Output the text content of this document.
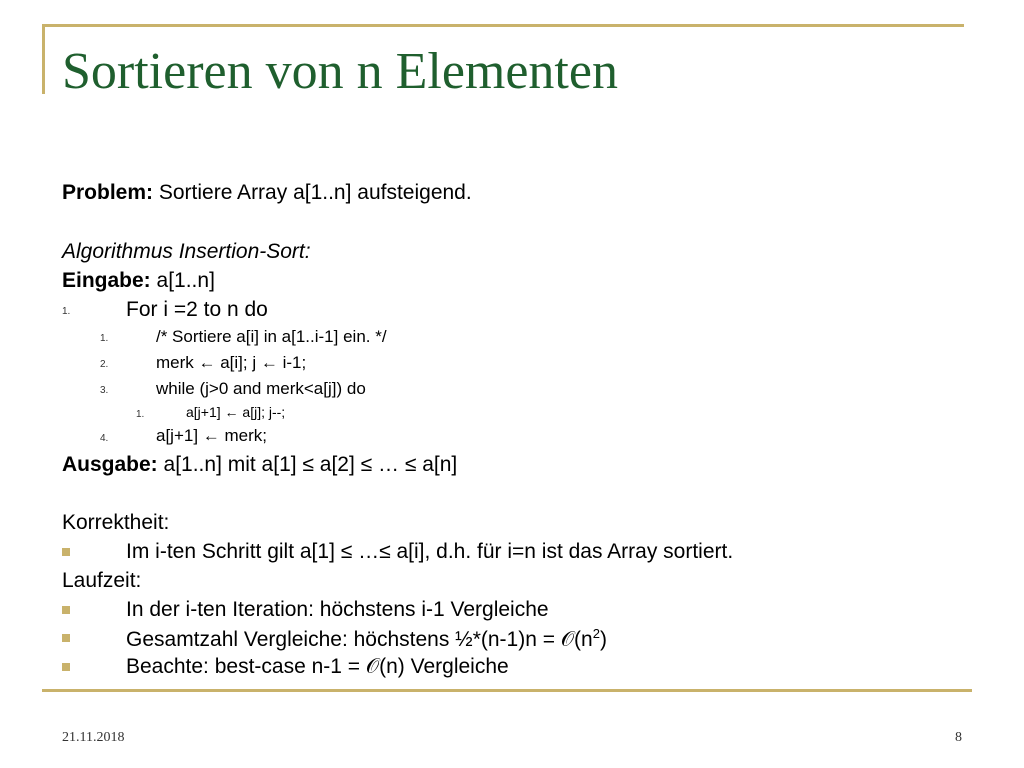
Sortieren von n Elementen
Problem: Sortiere Array a[1..n] aufsteigend.
Algorithmus Insertion-Sort:
Eingabe: a[1..n]
1.	For i =2 to n do
1.	/* Sortiere a[i] in a[1..i-1] ein. */
2.	merk ← a[i]; j ← i-1;
3.	while (j>0 and merk<a[j]) do
1.	a[j+1] ← a[j]; j--;
4.	a[j+1] ← merk;
Ausgabe: a[1..n] mit a[1] ≤ a[2] ≤ … ≤ a[n]
Korrektheit:
Im i-ten Schritt gilt a[1] ≤ …≤ a[i], d.h. für i=n ist das Array sortiert.
Laufzeit:
In der i-ten Iteration: höchstens i-1 Vergleiche
Gesamtzahl Vergleiche: höchstens ½*(n-1)n = $𝒪(n^2)$
Beachte: best-case n-1 = 𝒪(n) Vergleiche
21.11.2018	8
